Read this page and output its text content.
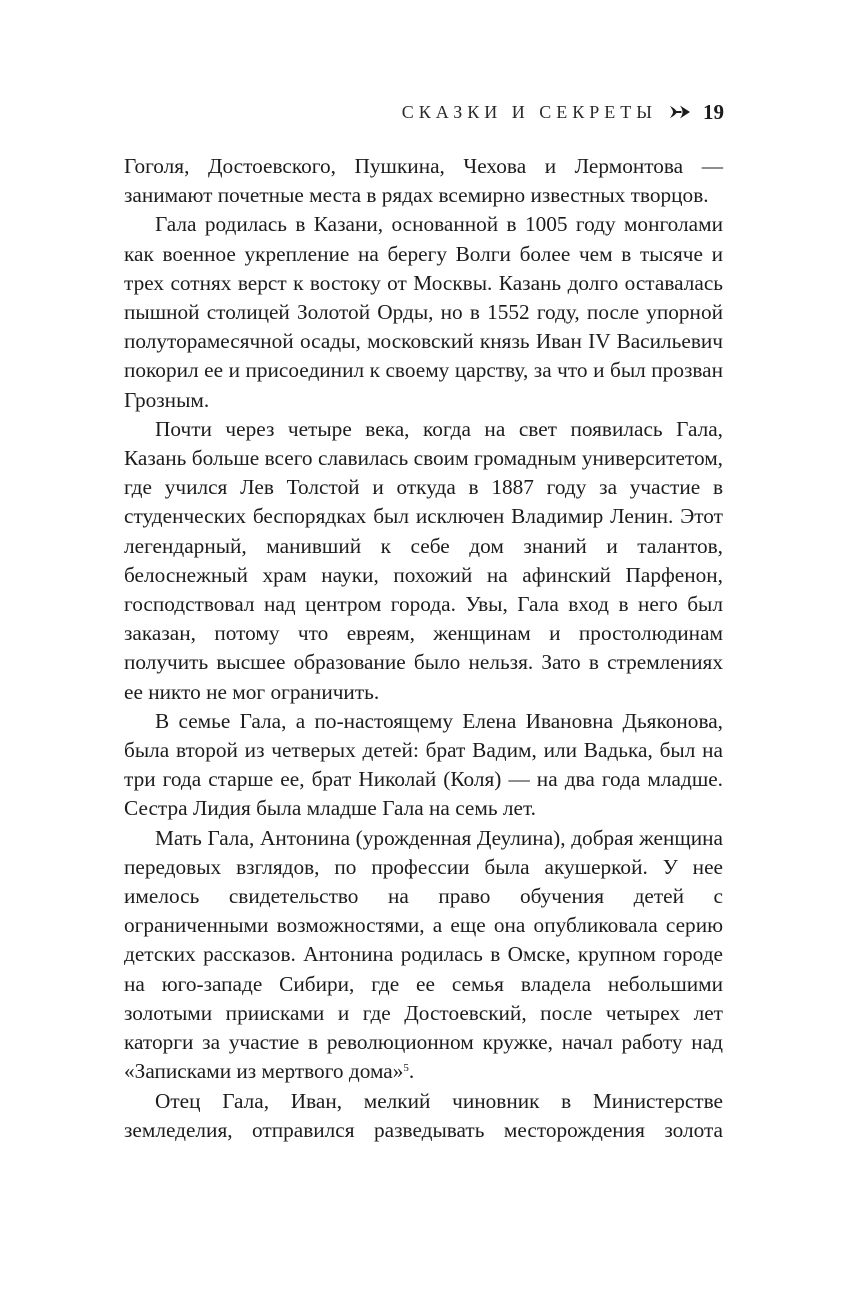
СКАЗКИ И СЕКРЕТЫ 19

Гоголя, Достоевского, Пушкина, Чехова и Лермонтова — занимают почетные места в рядах всемирно известных творцов.

Гала родилась в Казани, основанной в 1005 году монголами как военное укрепление на берегу Волги более чем в тысяче и трех сотнях верст к востоку от Москвы. Казань долго оставалась пышной столицей Золотой Орды, но в 1552 году, после упорной полуторамесячной осады, московский князь Иван IV Васильевич покорил ее и присоединил к своему царству, за что и был прозван Грозным.

Почти через четыре века, когда на свет появилась Гала, Казань больше всего славилась своим громадным университетом, где учился Лев Толстой и откуда в 1887 году за участие в студенческих беспорядках был исключен Владимир Ленин. Этот легендарный, манивший к себе дом знаний и талантов, белоснежный храм науки, похожий на афинский Парфенон, господствовал над центром города. Увы, Гала вход в него был заказан, потому что евреям, женщинам и простолюдинам получить высшее образование было нельзя. Зато в стремлениях ее никто не мог ограничить.

В семье Гала, а по-настоящему Елена Ивановна Дьяконова, была второй из четверых детей: брат Вадим, или Вадька, был на три года старше ее, брат Николай (Коля) — на два года младше. Сестра Лидия была младше Гала на семь лет.

Мать Гала, Антонина (урожденная Деулина), добрая женщина передовых взглядов, по профессии была акушеркой. У нее имелось свидетельство на право обучения детей с ограниченными возможностями, а еще она опубликовала серию детских рассказов. Антонина родилась в Омске, крупном городе на юго-западе Сибири, где ее семья владела небольшими золотыми приисками и где Достоевский, после четырех лет каторги за участие в революционном кружке, начал работу над «Записками из мертвого дома»$^5$.

Отец Гала, Иван, мелкий чиновник в Министерстве земледелия, отправился разведывать месторождения золота
